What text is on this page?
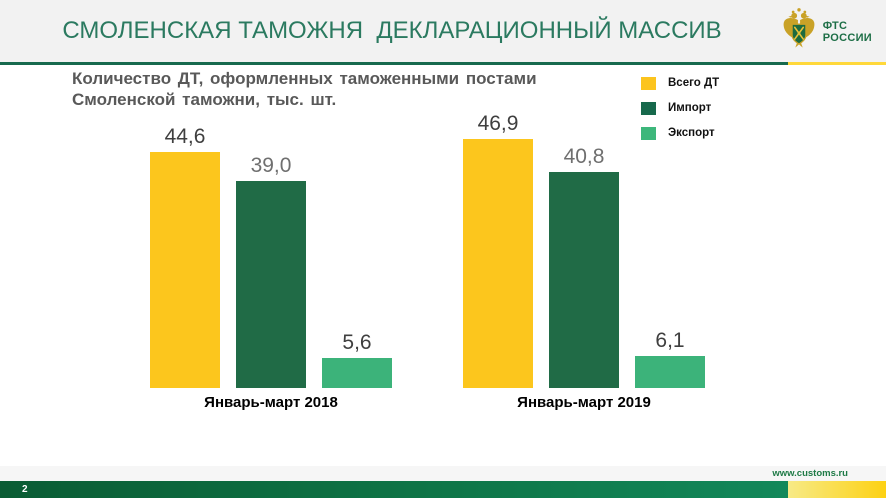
СМОЛЕНСКАЯ ТАМОЖНЯ  ДЕКЛАРАЦИОННЫЙ МАССИВ	ФТС
РОССИИ
Количество ДТ, оформленных таможенными постами Смоленской таможни, тыс. шт.
Всего ДТ
Импорт
Экспорт
44,6
39,0
5,6
Январь-март 2018
46,9
40,8
6,1
Январь-март 2019
www.customs.ru
2
